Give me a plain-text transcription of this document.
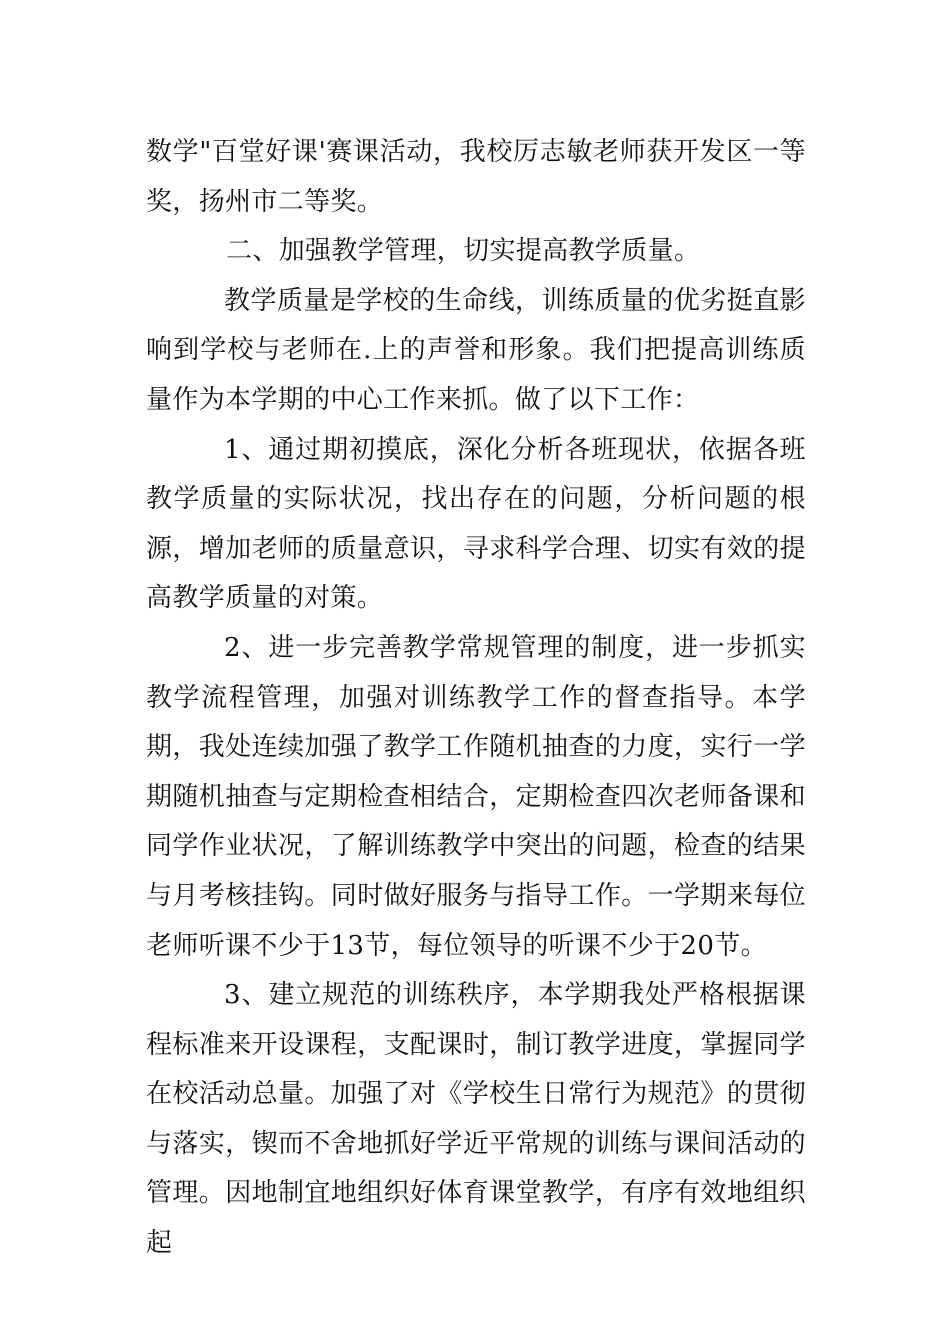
数学"百堂好课'赛课活动，我校厉志敏老师获开发区一等奖，扬州市二等奖。

二、加强教学管理，切实提高教学质量。

教学质量是学校的生命线，训练质量的优劣挺直影响到学校与老师在.上的声誉和形象。我们把提高训练质量作为本学期的中心工作来抓。做了以下工作：

1、通过期初摸底，深化分析各班现状，依据各班教学质量的实际状况，找出存在的问题，分析问题的根源，增加老师的质量意识，寻求科学合理、切实有效的提高教学质量的对策。

2、进一步完善教学常规管理的制度，进一步抓实教学流程管理，加强对训练教学工作的督查指导。本学期，我处连续加强了教学工作随机抽查的力度，实行一学期随机抽查与定期检查相结合，定期检查四次老师备课和同学作业状况，了解训练教学中突出的问题，检查的结果与月考核挂钩。同时做好服务与指导工作。一学期来每位老师听课不少于13节，每位领导的听课不少于20节。

3、建立规范的训练秩序，本学期我处严格根据课程标准来开设课程，支配课时，制订教学进度，掌握同学在校活动总量。加强了对《学校生日常行为规范》的贯彻与落实，锲而不舍地抓好学近平常规的训练与课间活动的管理。因地制宜地组织好体育课堂教学，有序有效地组织起
